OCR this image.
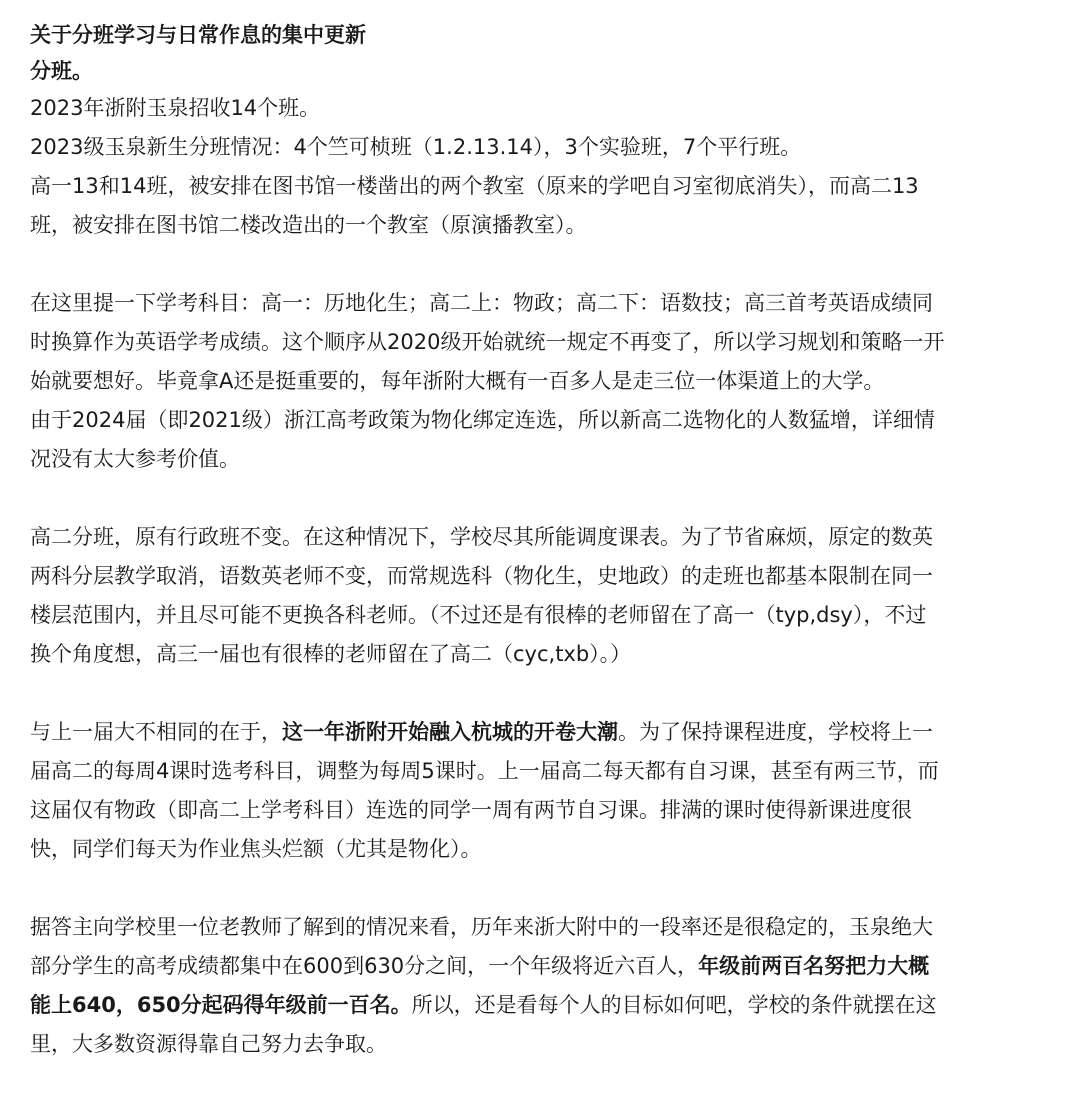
关于分班学习与日常作息的集中更新
分班。
2023年浙附玉泉招收14个班。
2023级玉泉新生分班情况：4个竺可桢班（1.2.13.14），3个实验班，7个平行班。
高一13和14班，被安排在图书馆一楼凿出的两个教室（原来的学吧自习室彻底消失），而高二13
班，被安排在图书馆二楼改造出的一个教室（原演播教室）。
在这里提一下学考科目：高一：历地化生；高二上：物政；高二下：语数技；高三首考英语成绩同
时换算作为英语学考成绩。这个顺序从2020级开始就统一规定不再变了，所以学习规划和策略一开
始就要想好。毕竟拿A还是挺重要的，每年浙附大概有一百多人是走三位一体渠道上的大学。
由于2024届（即2021级）浙江高考政策为物化绑定连选，所以新高二选物化的人数猛增，详细情
况没有太大参考价值。
高二分班，原有行政班不变。在这种情况下，学校尽其所能调度课表。为了节省麻烦，原定的数英
两科分层教学取消，语数英老师不变，而常规选科（物化生，史地政）的走班也都基本限制在同一
楼层范围内，并且尽可能不更换各科老师。（不过还是有很棒的老师留在了高一（typ,dsy），不过
换个角度想，高三一届也有很棒的老师留在了高二（cyc,txb）。）
与上一届大不相同的在于，这一年浙附开始融入杭城的开卷大潮。为了保持课程进度，学校将上一
届高二的每周4课时选考科目，调整为每周5课时。上一届高二每天都有自习课，甚至有两三节，而
这届仅有物政（即高二上学考科目）连选的同学一周有两节自习课。排满的课时使得新课进度很
快，同学们每天为作业焦头烂额（尤其是物化）。
据答主向学校里一位老教师了解到的情况来看，历年来浙大附中的一段率还是很稳定的，玉泉绝大
部分学生的高考成绩都集中在600到630分之间，一个年级将近六百人，年级前两百名努把力大概
能上640，650分起码得年级前一百名。所以，还是看每个人的目标如何吧，学校的条件就摆在这
里，大多数资源得靠自己努力去争取。
